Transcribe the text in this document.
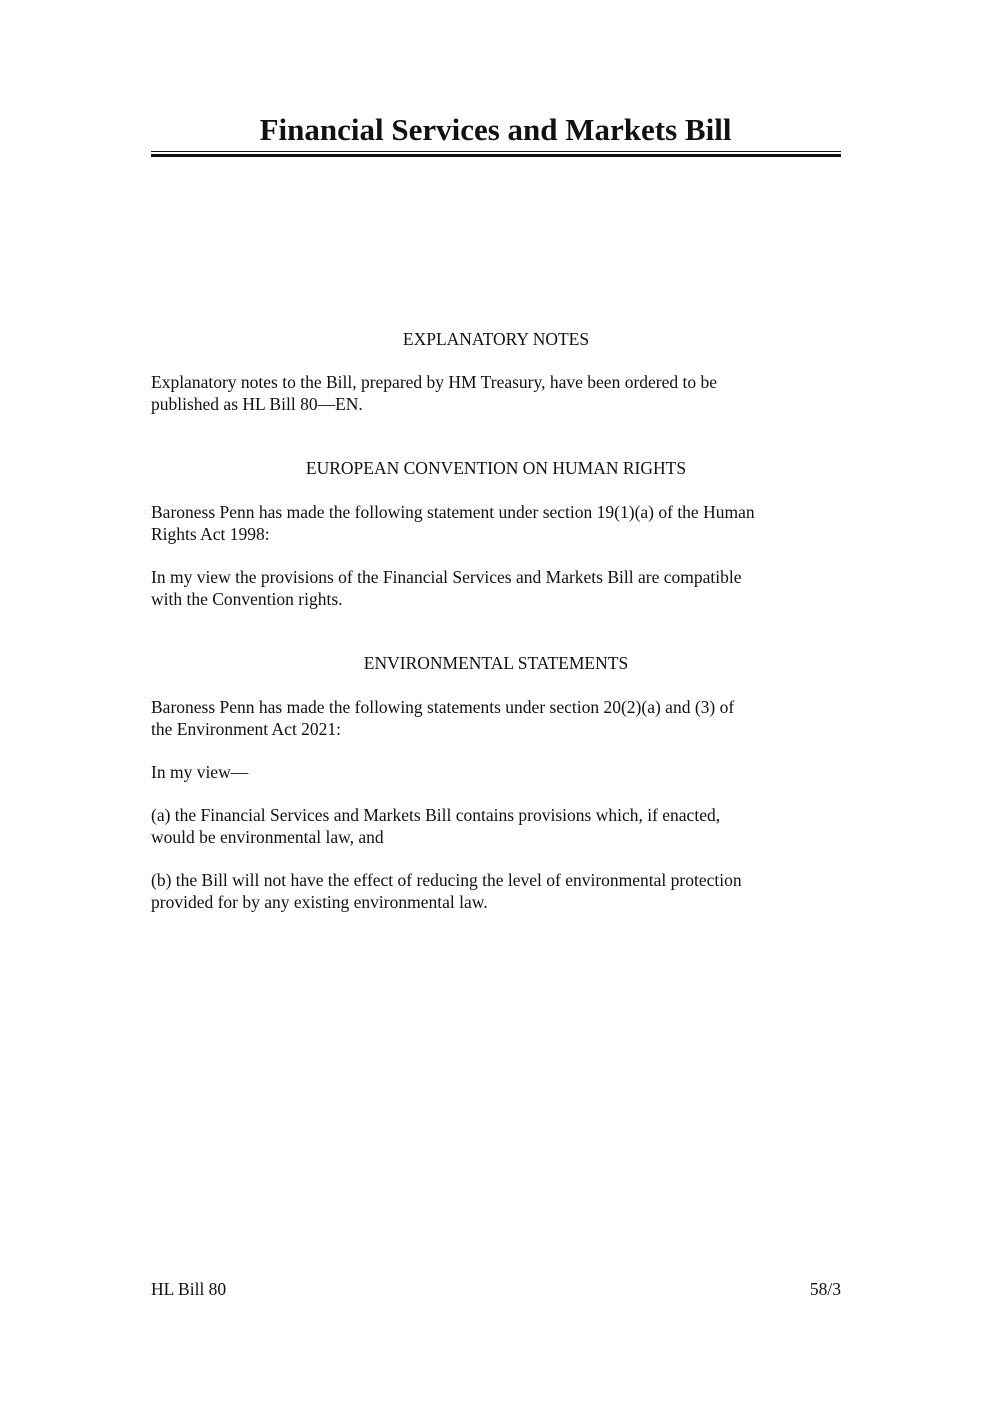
Financial Services and Markets Bill
EXPLANATORY NOTES
Explanatory notes to the Bill, prepared by HM Treasury, have been ordered to be
published as HL Bill 80—EN.
EUROPEAN CONVENTION ON HUMAN RIGHTS
Baroness Penn has made the following statement under section 19(1)(a) of the Human
Rights Act 1998:
In my view the provisions of the Financial Services and Markets Bill are compatible
with the Convention rights.
ENVIRONMENTAL STATEMENTS
Baroness Penn has made the following statements under section 20(2)(a) and (3) of
the Environment Act 2021:
In my view—
(a) the Financial Services and Markets Bill contains provisions which, if enacted,
would be environmental law, and
(b) the Bill will not have the effect of reducing the level of environmental protection
provided for by any existing environmental law.
HL Bill 80	58/3
